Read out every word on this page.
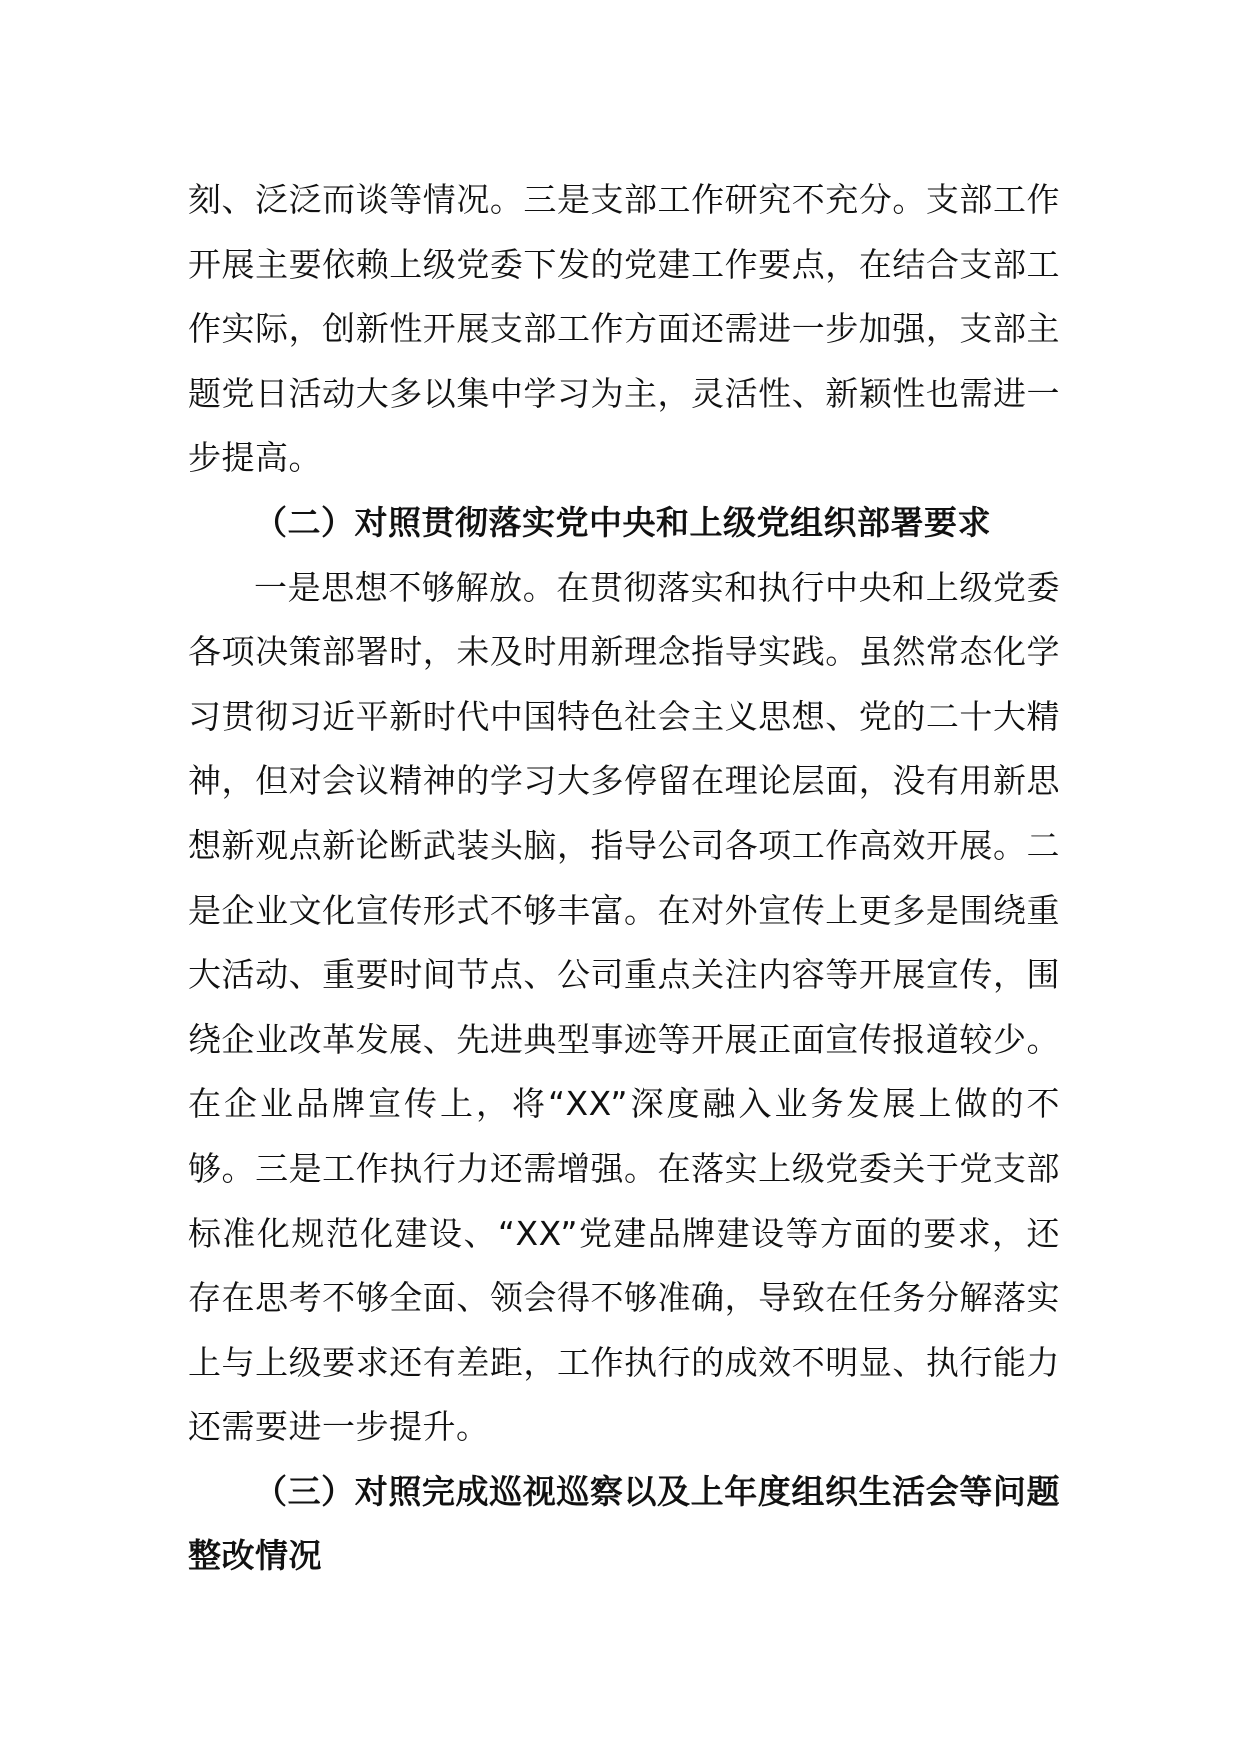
刻、泛泛而谈等情况。三是支部工作研究不充分。支部工作开展主要依赖上级党委下发的党建工作要点，在结合支部工作实际，创新性开展支部工作方面还需进一步加强，支部主题党日活动大多以集中学习为主，灵活性、新颖性也需进一步提高。

（二）对照贯彻落实党中央和上级党组织部署要求

一是思想不够解放。在贯彻落实和执行中央和上级党委各项决策部署时，未及时用新理念指导实践。虽然常态化学习贯彻习近平新时代中国特色社会主义思想、党的二十大精神，但对会议精神的学习大多停留在理论层面，没有用新思想新观点新论断武装头脑，指导公司各项工作高效开展。二是企业文化宣传形式不够丰富。在对外宣传上更多是围绕重大活动、重要时间节点、公司重点关注内容等开展宣传，围绕企业改革发展、先进典型事迹等开展正面宣传报道较少。在企业品牌宣传上，将“XX”深度融入业务发展上做的不够。三是工作执行力还需增强。在落实上级党委关于党支部标准化规范化建设、“XX”党建品牌建设等方面的要求，还存在思考不够全面、领会得不够准确，导致在任务分解落实上与上级要求还有差距，工作执行的成效不明显、执行能力还需要进一步提升。

（三）对照完成巡视巡察以及上年度组织生活会等问题整改情况
